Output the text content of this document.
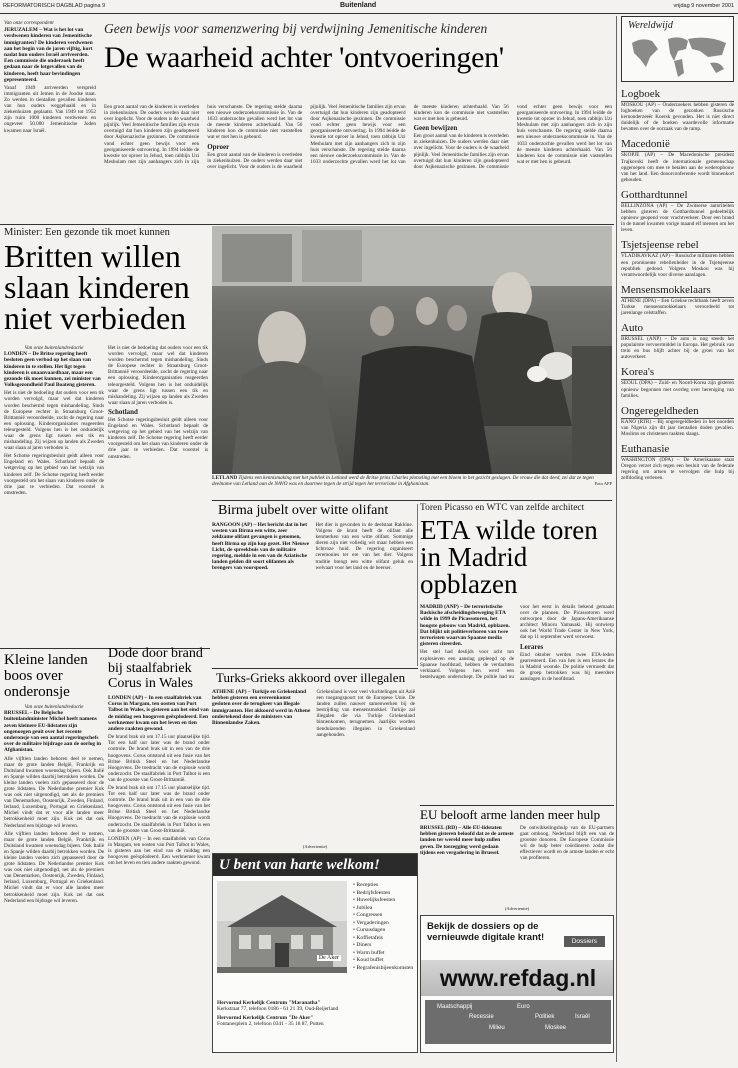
REFORMATORISCH DAGBLAD pagina 9	Buitenland	vrijdag 9 november 2001
Van onze correspondent
JERUZALEM – Wat is het lot van verdwenen kinderen van Jemenitische immigranten? De kinderen verdwenen aan het begin van de jaren vijftig, kort nadat hun ouders Israël arriveerden. Een commissie die onderzoek heeft gedaan naar de lotgevallen van de kinderen, heeft haar bevindingen gepresenteerd.
Vanaf 1949 arriveerden verspreid immigranten uit Jemen in de Joodse staat. Zo werden in tientallen gevallen kinderen van hun ouders weggehaald en in ziekenhuizen geplaatst. Van 1949 tot 1952 zijn ruim 1000 kinderen verdwenen en ongeveer 50.000 Jemenitische Joden kwamen naar Israël.
Geen bewijs voor samenzwering bij verdwijning Jemenitische kinderen
De waarheid achter 'ontvoeringen'
Een groot aantal van de kinderen is overleden in ziekenhuizen. De ouders werden daar niet over ingelicht. Voor de ouders is de waarheid pijnlijk. Veel Jemenitische families zijn ervan overtuigd dat hun kinderen zijn geadopteerd door Asjkenazische gezinnen. De commissie vond echter geen bewijs voor een georganiseerde ontvoering. In 1994 leidde de kwestie tot oproer in Jehud, toen rabbijn Uzi Meshulam met zijn aanhangers zich in zijn huis verschanste. De regering stelde daarna een nieuwe onderzoekscommissie in. Van de 1033 onderzochte gevallen werd het lot van de meeste kinderen achterhaald. Van 56 kinderen kon de commissie niet vaststellen wat er met hen is gebeurd.
Oproer
Een groot aantal van de kinderen is overleden in ziekenhuizen. De ouders werden daar niet over ingelicht. Voor de ouders is de waarheid pijnlijk. Veel Jemenitische families zijn ervan overtuigd dat hun kinderen zijn geadopteerd door Asjkenazische gezinnen. De commissie vond echter geen bewijs voor een georganiseerde ontvoering. In 1994 leidde de kwestie tot oproer in Jehud, toen rabbijn Uzi Meshulam met zijn aanhangers zich in zijn huis verschanste. De regering stelde daarna een nieuwe onderzoekscommissie in. Van de 1033 onderzochte gevallen werd het lot van de meeste kinderen achterhaald. Van 56 kinderen kon de commissie niet vaststellen wat er met hen is gebeurd.
Geen bewijzen
Een groot aantal van de kinderen is overleden in ziekenhuizen. De ouders werden daar niet over ingelicht. Voor de ouders is de waarheid pijnlijk. Veel Jemenitische families zijn ervan overtuigd dat hun kinderen zijn geadopteerd door Asjkenazische gezinnen. De commissie vond echter geen bewijs voor een georganiseerde ontvoering. In 1994 leidde de kwestie tot oproer in Jehud, toen rabbijn Uzi Meshulam met zijn aanhangers zich in zijn huis verschanste. De regering stelde daarna een nieuwe onderzoekscommissie in. Van de 1033 onderzochte gevallen werd het lot van de meeste kinderen achterhaald. Van 56 kinderen kon de commissie niet vaststellen wat er met hen is gebeurd.
Minister: Een gezonde tik moet kunnen
Britten willen
slaan kinderen
niet verbieden
Van onze buitenlandredactie
LONDEN – De Britse regering heeft besloten geen verbod op het slaan van kinderen in te stellen. Het ligt tegen kinderen is onaanvaardbaar, maar een gezonde tik moet kunnen, zei minister van Volksgezondheid Paul Boateng gisteren.
Het is niet de bedoeling dat ouders voor een tik worden vervolgd, maar wel dat kinderen worden beschermd tegen mishandeling. Sinds de Europese rechter in Straatsburg Groot-Brittannië veroordeelde, zocht de regering naar een oplossing. Kinderorganisaties reageerden teleurgesteld. Volgens hen is het onduidelijk waar de grens ligt tussen een tik en mishandeling. Zij wijzen op landen als Zweden waar slaan al jaren verboden is.
Het Schotse regeringsbesluit geldt alleen voor Engeland en Wales. Schotland bepaalt de wetgeving op het gebied van het welzijn van kinderen zelf. De Schotse regering heeft eerder voorgesteld om het slaan van kinderen onder de drie jaar te verbieden. Dat voorstel is omstreden.
Het is niet de bedoeling dat ouders voor een tik worden vervolgd, maar wel dat kinderen worden beschermd tegen mishandeling. Sinds de Europese rechter in Straatsburg Groot-Brittannië veroordeelde, zocht de regering naar een oplossing. Kinderorganisaties reageerden teleurgesteld. Volgens hen is het onduidelijk waar de grens ligt tussen een tik en mishandeling. Zij wijzen op landen als Zweden waar slaan al jaren verboden is.
Schotland
Het Schotse regeringsbesluit geldt alleen voor Engeland en Wales. Schotland bepaalt de wetgeving op het gebied van het welzijn van kinderen zelf. De Schotse regering heeft eerder voorgesteld om het slaan van kinderen onder de drie jaar te verbieden. Dat voorstel is omstreden.
LETLAND Tijdens een kennismaking met het publiek in Letland werd de Britse prins Charles plotseling met een bloem in het gezicht geslagen. De vrouw die dat deed, zei dat ze tegen deelname van Letland aan de NAVO was en daarmee tegen de strijd tegen het terrorisme in Afghanistan.	Foto AFP
Birma jubelt over witte olifant
RANGOON (AP) – Het bericht dat in het westen van Birma een witte, zeer zeldzame olifant gevangen is genomen, heeft Birma op zijn kop gezet. Het Nieuwe Licht, de spreekbuis van de militaire regering, meldde in een van de Aziatische landen gelden dit soort olifanten als brengers van voorspoed.
Het dier is gevonden in de deelstaat Rakhine. Volgens de krant heeft de olifant alle kenmerken van een witte olifant. Sommige dieren zijn niet volledig wit maar hebben een lichtroze huid. De regering organiseert ceremonies ter ere van het dier. Volgens traditie brengt een witte olifant geluk en welvaart voor het land en de heerser.
Toren Picasso en WTC van zelfde architect
ETA wilde toren in Madrid opblazen
MADRID (ANP) – De terroristische Baskische afscheidingsbeweging ETA wilde in 1999 de Picassotoren, het hoogste gebouw van Madrid, opblazen. Dat blijkt uit politieverhoren van twee terroristen waarvan Spaanse media gisteren citeerden.
Het stel had destijds voor acht ton explosieven een aanslag gepleegd op de Spaanse hoofdstad, hebben de verdachten verklaard. Volgens hen werd een bestelwagen onderschept. De politie had nu voor het eerst in details bekend gemaakt over de plannen. De Picassotoren werd ontworpen door de Japans-Amerikaanse architect Minoru Yamasaki. Hij ontwierp ook het World Trade Center in New York, dat op 11 september werd verwoest.
Lerares
Eind oktober werden twee ETA-leden gearresteerd. Een van hen is een lerares die in Madrid woonde. De politie vermoedt dat de groep betrokken was bij meerdere aanslagen in de hoofdstad.
Kleine landen boos over onderonsje
Van onze buitenlandredactie
BRUSSEL – De Belgische buitenlandminister Michel heeft namens zeven kleinere EU-lidstaten zijn ongenoegen geuit over het recente onderonsje van een aantal regeringschefs over de militaire bijdrage aan de oorlog in Afghanistan.
Alle vijftien landen behoren deel te nemen, maar de grote landen België, Frankrijk en Duitsland kwamen woensdag bijeen. Ook Italië en Spanje wilden daarbij betrokken worden. De kleine landen voelen zich gepasseerd door de grote lidstaten. De Nederlandse premier Kok was ook niet uitgenodigd, net als de premiers van Denemarken, Oostenrijk, Zweden, Finland, Ierland, Luxemburg, Portugal en Griekenland. Michel vindt dat er voor alle landen meer betrokkenheid moet zijn. Kok zei dat ook Nederland een bijdrage wil leveren.
Alle vijftien landen behoren deel te nemen, maar de grote landen België, Frankrijk en Duitsland kwamen woensdag bijeen. Ook Italië en Spanje wilden daarbij betrokken worden. De kleine landen voelen zich gepasseerd door de grote lidstaten. De Nederlandse premier Kok was ook niet uitgenodigd, net als de premiers van Denemarken, Oostenrijk, Zweden, Finland, Ierland, Luxemburg, Portugal en Griekenland. Michel vindt dat er voor alle landen meer betrokkenheid moet zijn. Kok zei dat ook Nederland een bijdrage wil leveren.
Dode door brand bij staalfabriek Corus in Wales
LONDEN (AP) – In een staalfabriek van Corus in Margam, ten oosten van Port Talbot in Wales, is gisteren aan het eind van de middag een hoogoven geëxplodeerd. Een werknemer kwam om het leven en tien andere raakten gewond.
De brand brak uit om 17.15 uur plaatselijke tijd. Tot een half uur later was de brand onder controle. De brand brak uit in een van de drie hoogovens. Corus ontstond uit een fusie van het Britse British Steel en het Nederlandse Hoogovens. De toedracht van de explosie wordt onderzocht. De staalfabriek in Port Talbot is een van de grootste van Groot-Brittannië.
De brand brak uit om 17.15 uur plaatselijke tijd. Tot een half uur later was de brand onder controle. De brand brak uit in een van de drie hoogovens. Corus ontstond uit een fusie van het Britse British Steel en het Nederlandse Hoogovens. De toedracht van de explosie wordt onderzocht. De staalfabriek in Port Talbot is een van de grootste van Groot-Brittannië.
LONDEN (AP) – In een staalfabriek van Corus in Margam, ten oosten van Port Talbot in Wales, is gisteren aan het eind van de middag een hoogoven geëxplodeerd. Een werknemer kwam om het leven en tien andere raakten gewond.
Turks-Grieks akkoord over illegalen
ATHENE (AP) – Turkije en Griekenland hebben gisteren een overeenkomst gesloten over de terugkeer van illegale immigranten. Het akkoord werd in Athene ondertekend door de ministers van Binnenlandse Zaken.
Griekenland is voor veel vluchtelingen uit Azië een toegangspoort tot de Europese Unie. De landen zullen nauwer samenwerken bij de bestrijding van mensensmokkel. Turkije zal illegalen die via Turkije Griekenland binnenkomen, terugnemen. Jaarlijks worden tienduizenden illegalen in Griekenland aangehouden.
EU belooft arme landen meer hulp
BRUSSEL (RD) – Alle EU-lidstaten hebben gisteren beloofd dat ze de armste landen ter wereld meer hulp zullen geven. De toezegging werd gedaan tijdens een vergadering in Brussel.
De ontwikkelingshulp van de EU-partners gaat omhoog. Nederland blijft een van de grootste donoren. De Europese Commissie wil de hulp beter coördineren zodat die effectiever wordt en de armste landen er echt van profiteren.
(Advertentie)
U bent van harte welkom!
De Aker
• Recepties
• Bedrijfsfeesten
• Huwelijksfeesten
• Jubilea
• Congressen
• Vergaderingen
• Cursusdagen
• Koffietafels
• Diners
• Warm buffet
• Koud buffet
• Begrafenisbijeenkomsten
Hervormd Kerkelijk Centrum "Maranatha"
Kerkstraat 77, telefoon 0186 - 61 21 39, Oud-Beijerland
Hervormd Kerkelijk Centrum "De Aker"
Fontanesplein 2, telefoon 0341 - 35 18 87, Putten
(Advertentie)
Bekijk de dossiers op de vernieuwde digitale krant!	Dossiers
www.refdag.nl
Maatschappij	Euro
Recessie	Politiek	Israël
Milieu	Moskee
Wereldwijd
Logboek
MOSKOU (AP) – Onderzoekers hebben gisteren de logboeken van de gezonken Russische kernonderzeeër Koersk gevonden. Het is niet direct duidelijk of de boeken waardevolle informatie bevatten over de oorzaak van de ramp.
Macedonië
SKOPJE (AP) – De Macedonische president Trajkovski heeft de internationale gemeenschap opgeroepen om mee te betalen aan de wederopbouw van het land. Een donorconferentie wordt binnenkort gehouden.
Gotthardtunnel
BELLINZONA (AP) – De Zwitserse autoriteiten hebben gisteren de Gotthardtunnel gedeeltelijk opnieuw geopend voor vrachtverkeer. Door een brand in de tunnel kwamen vorige maand elf mensen om het leven.
Tsjetsjeense rebel
VLADIKAVKAZ (AP) – Russische militairen hebben een prominente rebellenleider in de Tsjetsjeense republiek gedood. Volgens Moskou was hij verantwoordelijk voor diverse aanslagen.
Mensensmokkelaars
ATHENE (DPA) – Een Griekse rechtbank heeft zeven Turkse mensensmokkelaars veroordeeld tot jarenlange celstraffen.
Auto
BRUSSEL (ANP) – De auto is nog steeds het populairste vervoermiddel in Europa. Het gebruik van trein en bus blijft achter bij de groei van het autoverkeer.
Korea's
SEOUL (DPA) – Zuid- en Noord-Korea zijn gisteren opnieuw begonnen met overleg over hereniging van families.
Ongeregeldheden
KANO (RTR) – Bij ongeregeldheden in het noorden van Nigeria zijn dit jaar tientallen doden gevallen. Moslims en christenen raakten slaags.
Euthanasie
WASHINGTON (DPA) – De Amerikaanse staat Oregon verzet zich tegen een besluit van de federale regering om artsen te vervolgen die hulp bij zelfdoding verlenen.
